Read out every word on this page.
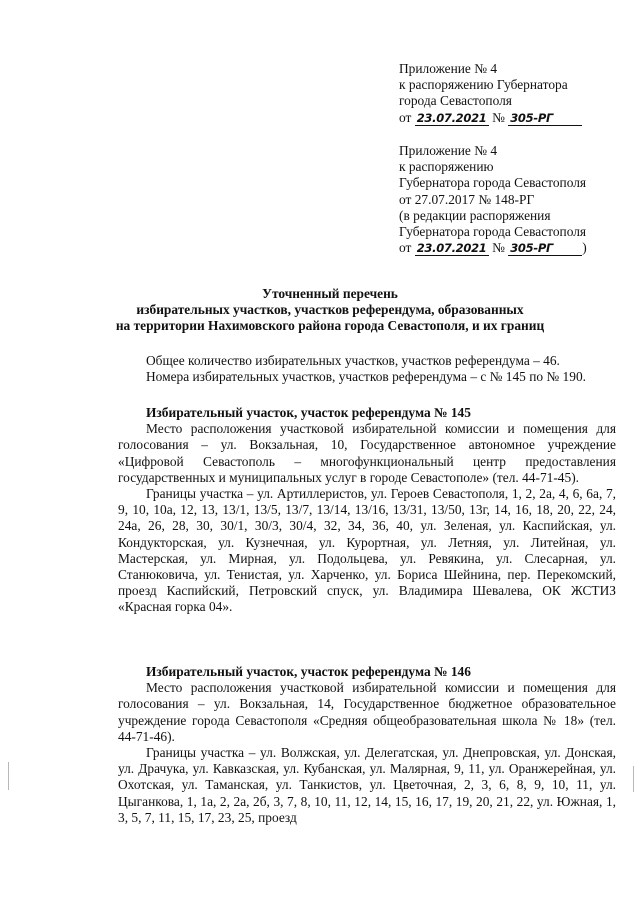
Приложение № 4
к распоряжению Губернатора
города Севастополя
от 23.07.2021 № 305-РГ
Приложение № 4
к распоряжению
Губернатора города Севастополя
от 27.07.2017 № 148-РГ
(в редакции распоряжения
Губернатора города Севастополя
от 23.07.2021 № 305-РГ )
Уточненный перечень
избирательных участков, участков референдума, образованных
на территории Нахимовского района города Севастополя, и их границ
Общее количество избирательных участков, участков референдума – 46.
Номера избирательных участков, участков референдума – с № 145 по № 190.
Избирательный участок, участок референдума № 145
Место расположения участковой избирательной комиссии и помещения для голосования – ул. Вокзальная, 10, Государственное автономное учреждение «Цифровой Севастополь – многофункциональный центр предоставления государственных и муниципальных услуг в городе Севастополе» (тел. 44-71-45).
Границы участка – ул. Артиллеристов, ул. Героев Севастополя, 1, 2, 2а, 4, 6, 6а, 7, 9, 10, 10а, 12, 13, 13/1, 13/5, 13/7, 13/14, 13/16, 13/31, 13/50, 13г, 14, 16, 18, 20, 22, 24, 24а, 26, 28, 30, 30/1, 30/3, 30/4, 32, 34, 36, 40, ул. Зеленая, ул. Каспийская, ул. Кондукторская, ул. Кузнечная, ул. Курортная, ул. Летняя, ул. Литейная, ул. Мастерская, ул. Мирная, ул. Подольцева, ул. Ревякина, ул. Слесарная, ул. Станюковича, ул. Тенистая, ул. Харченко, ул. Бориса Шейнина, пер. Перекомский, проезд Каспийский, Петровский спуск, ул. Владимира Шевалева, ОК ЖСТИЗ «Красная горка 04».
Избирательный участок, участок референдума № 146
Место расположения участковой избирательной комиссии и помещения для голосования – ул. Вокзальная, 14, Государственное бюджетное образовательное учреждение города Севастополя «Средняя общеобразовательная школа № 18» (тел. 44-71-46).
Границы участка – ул. Волжская, ул. Делегатская, ул. Днепровская, ул. Донская, ул. Драчука, ул. Кавказская, ул. Кубанская, ул. Малярная, 9, 11, ул. Оранжерейная, ул. Охотская, ул. Таманская, ул. Танкистов, ул. Цветочная, 2, 3, 6, 8, 9, 10, 11, ул. Цыганкова, 1, 1а, 2, 2а, 2б, 3, 7, 8, 10, 11, 12, 14, 15, 16, 17, 19, 20, 21, 22, ул. Южная, 1, 3, 5, 7, 11, 15, 17, 23, 25, проезд
